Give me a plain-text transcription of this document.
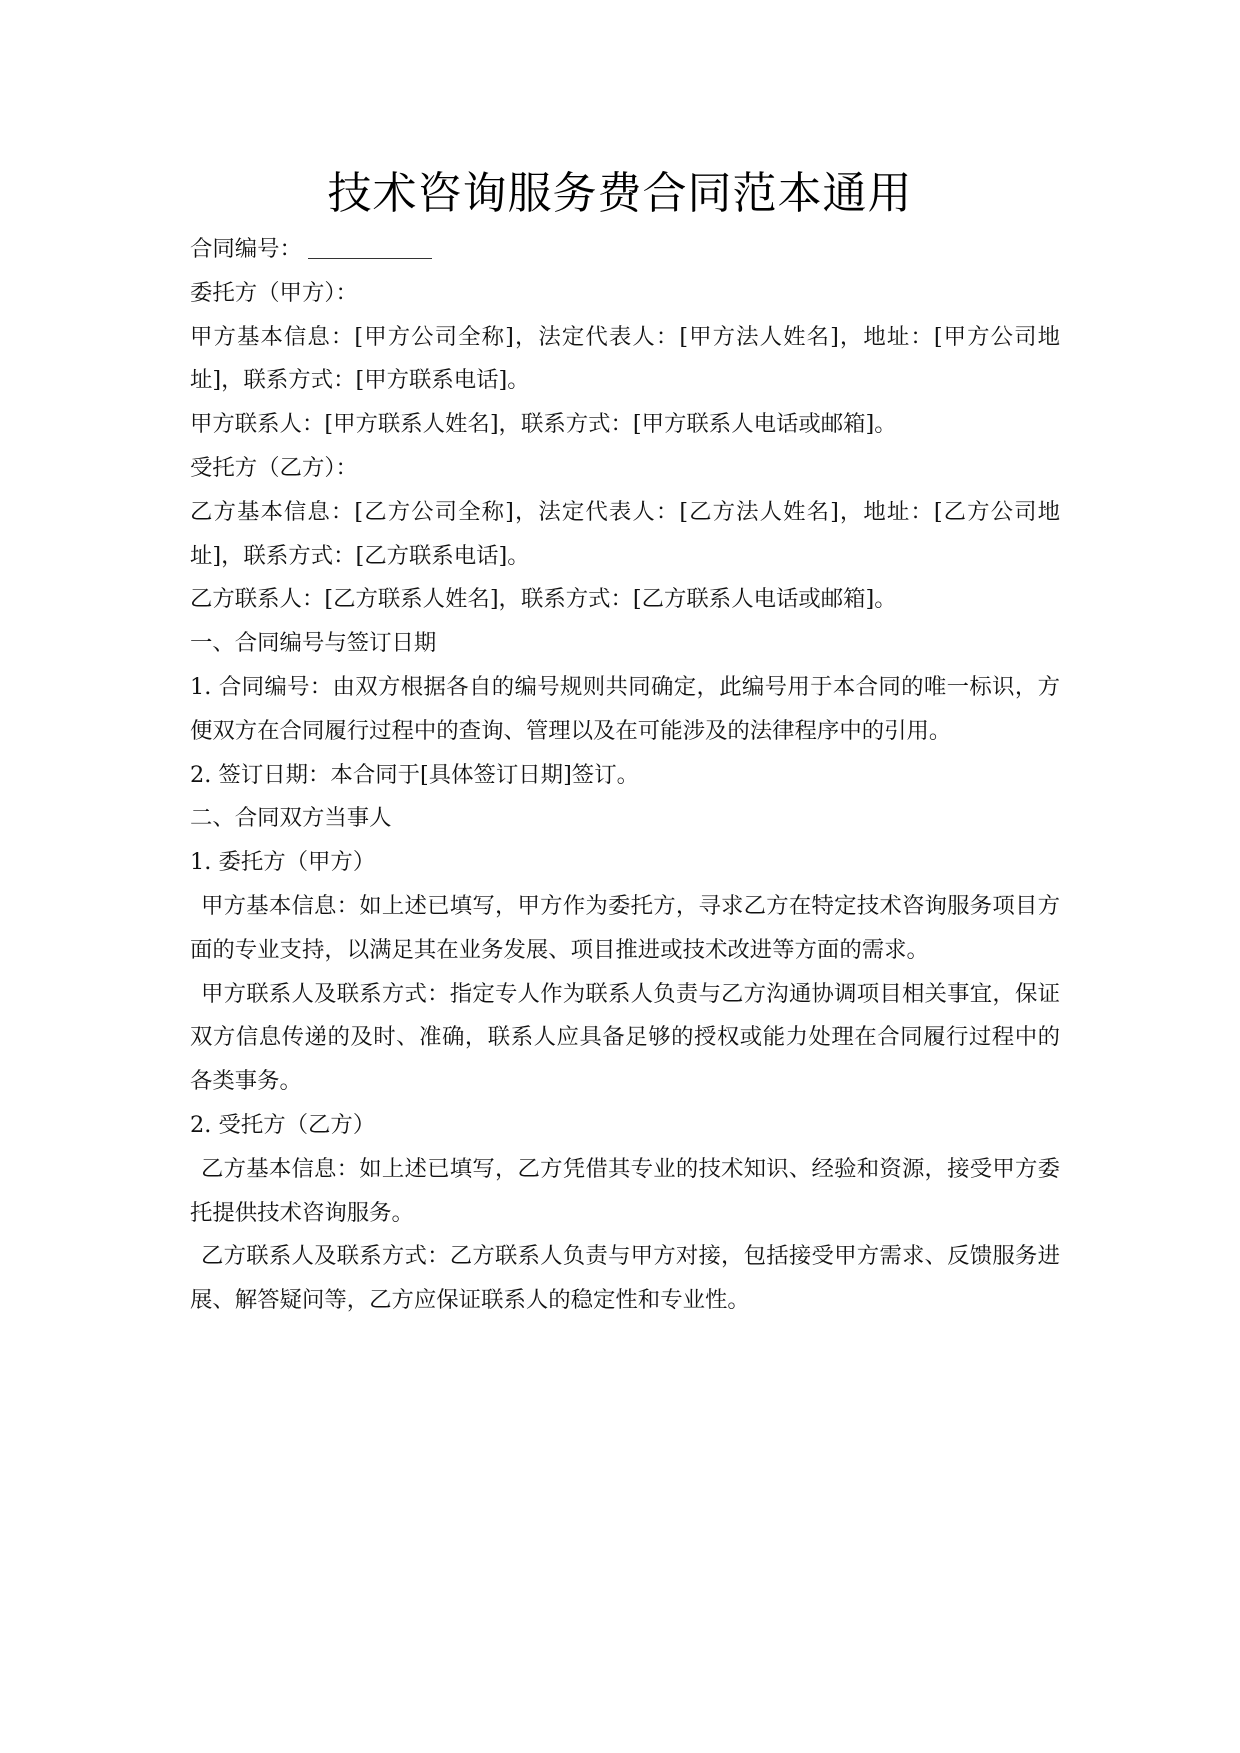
技术咨询服务费合同范本通用

合同编号：

委托方（甲方）：

甲方基本信息：[甲方公司全称]，法定代表人：[甲方法人姓名]，地址：[甲方公司地址]，联系方式：[甲方联系电话]。

甲方联系人：[甲方联系人姓名]，联系方式：[甲方联系人电话或邮箱]。

受托方（乙方）：

乙方基本信息：[乙方公司全称]，法定代表人：[乙方法人姓名]，地址：[乙方公司地址]，联系方式：[乙方联系电话]。

乙方联系人：[乙方联系人姓名]，联系方式：[乙方联系人电话或邮箱]。

一、合同编号与签订日期

1. 合同编号：由双方根据各自的编号规则共同确定，此编号用于本合同的唯一标识，方便双方在合同履行过程中的查询、管理以及在可能涉及的法律程序中的引用。

2. 签订日期：本合同于[具体签订日期]签订。

二、合同双方当事人

1. 委托方（甲方）

甲方基本信息：如上述已填写，甲方作为委托方，寻求乙方在特定技术咨询服务项目方面的专业支持，以满足其在业务发展、项目推进或技术改进等方面的需求。

甲方联系人及联系方式：指定专人作为联系人负责与乙方沟通协调项目相关事宜，保证双方信息传递的及时、准确，联系人应具备足够的授权或能力处理在合同履行过程中的各类事务。

2. 受托方（乙方）

乙方基本信息：如上述已填写，乙方凭借其专业的技术知识、经验和资源，接受甲方委托提供技术咨询服务。

乙方联系人及联系方式：乙方联系人负责与甲方对接，包括接受甲方需求、反馈服务进展、解答疑问等，乙方应保证联系人的稳定性和专业性。
